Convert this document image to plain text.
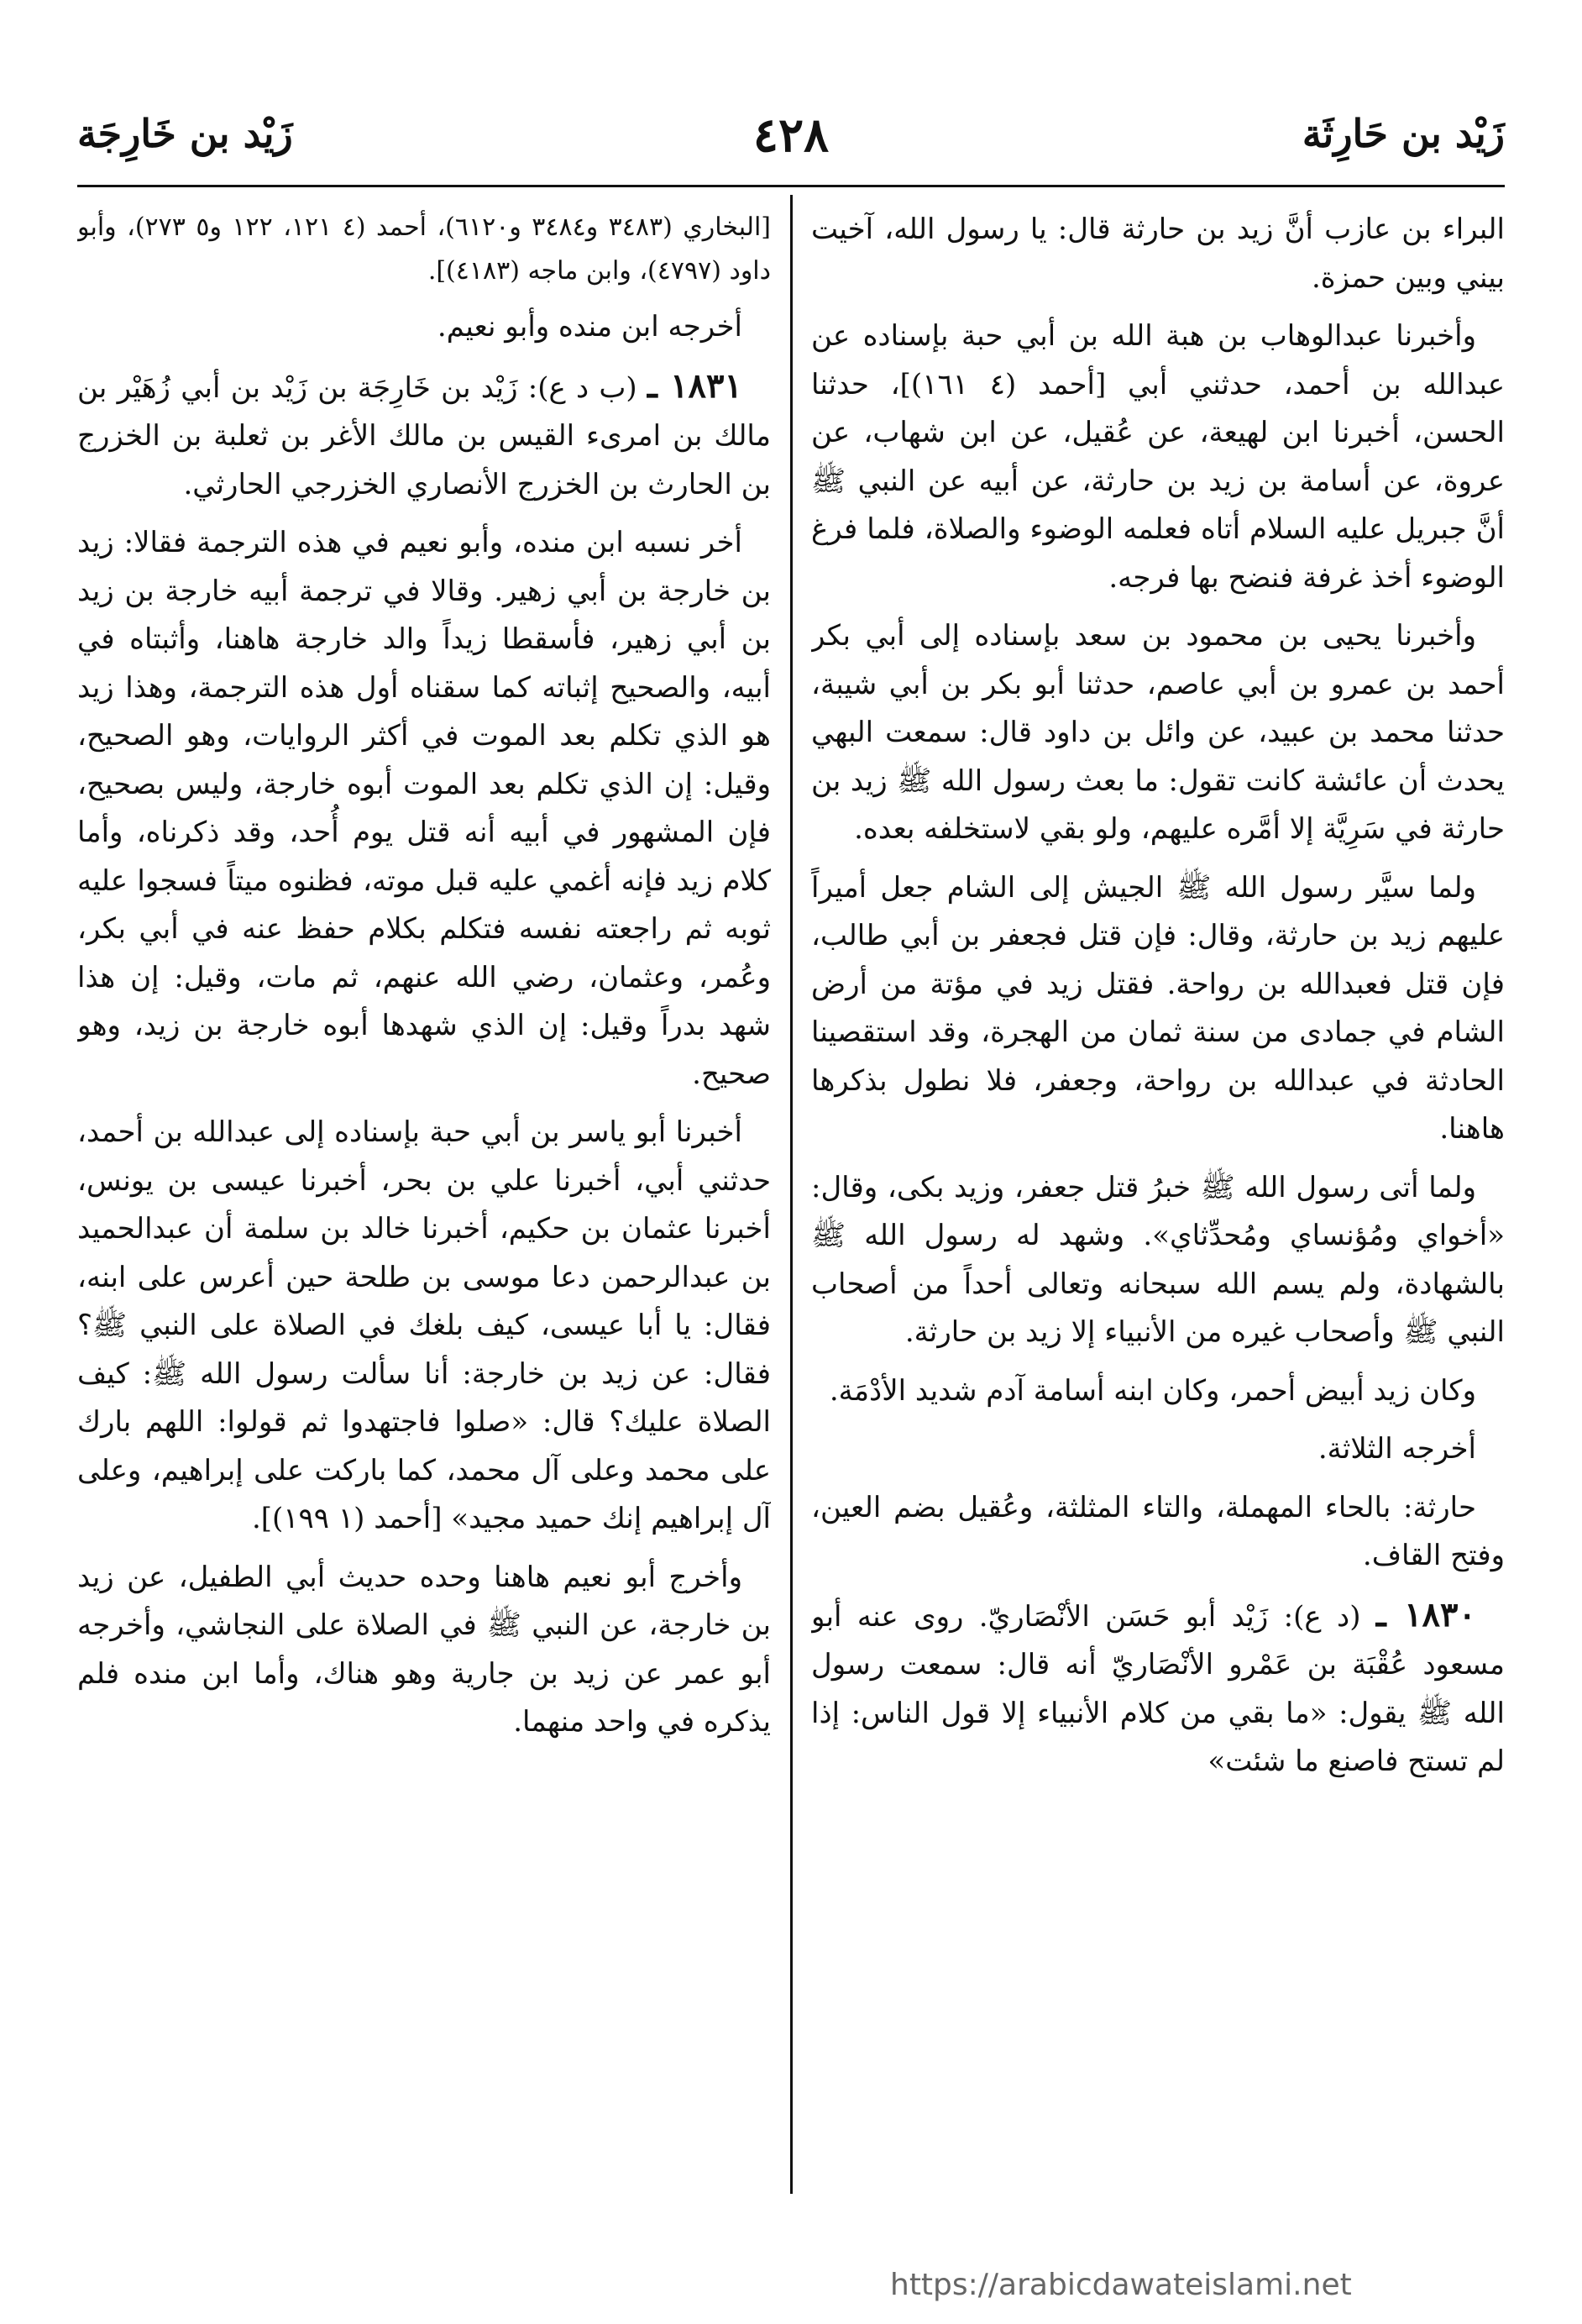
زَيْد بن حَارِثَة
٤٢٨
زَيْد بن خَارِجَة

البراء بن عازب أنَّ زيد بن حارثة قال: يا رسول الله، آخيت بيني وبين حمزة.

وأخبرنا عبدالوهاب بن هبة الله بن أبي حبة بإسناده عن عبدالله بن أحمد، حدثني أبي [أحمد (٤ ١٦١)]، حدثنا الحسن، أخبرنا ابن لهيعة، عن عُقيل، عن ابن شهاب، عن عروة، عن أسامة بن زيد بن حارثة، عن أبيه عن النبي ﷺ أنَّ جبريل عليه السلام أتاه فعلمه الوضوء والصلاة، فلما فرغ الوضوء أخذ غرفة فنضح بها فرجه.

وأخبرنا يحيى بن محمود بن سعد بإسناده إلى أبي بكر أحمد بن عمرو بن أبي عاصم، حدثنا أبو بكر بن أبي شيبة، حدثنا محمد بن عبيد، عن وائل بن داود قال: سمعت البهي يحدث أن عائشة كانت تقول: ما بعث رسول الله ﷺ زيد بن حارثة في سَرِيَّة إلا أمَّره عليهم، ولو بقي لاستخلفه بعده.

ولما سيَّر رسول الله ﷺ الجيش إلى الشام جعل أميراً عليهم زيد بن حارثة، وقال: فإن قتل فجعفر بن أبي طالب، فإن قتل فعبدالله بن رواحة. فقتل زيد في مؤتة من أرض الشام في جمادى من سنة ثمان من الهجرة، وقد استقصينا الحادثة في عبدالله بن رواحة، وجعفر، فلا نطول بذكرها هاهنا.

ولما أتى رسول الله ﷺ خبرُ قتل جعفر، وزيد بكى، وقال: «أخواي ومُؤنساي ومُحدِّثاي». وشهد له رسول الله ﷺ بالشهادة، ولم يسم الله سبحانه وتعالى أحداً من أصحاب النبي ﷺ وأصحاب غيره من الأنبياء إلا زيد بن حارثة.

وكان زيد أبيض أحمر، وكان ابنه أسامة آدم شديد الأدْمَة.

أخرجه الثلاثة.

حارثة: بالحاء المهملة، والتاء المثلثة، وعُقيل بضم العين، وفتح القاف.

١٨٣٠ ـ (د ع): زَيْد أبو حَسَن الأنْصَاريّ. روى عنه أبو مسعود عُقْبَة بن عَمْرو الأنْصَاريّ أنه قال: سمعت رسول الله ﷺ يقول: «ما بقي من كلام الأنبياء إلا قول الناس: إذا لم تستح فاصنع ما شئت»

[البخاري (٣٤٨٣ و٣٤٨٤ و٦١٢٠)، أحمد (٤ ١٢١، ١٢٢ و٥ ٢٧٣)، وأبو داود (٤٧٩٧)، وابن ماجه (٤١٨٣)].

أخرجه ابن منده وأبو نعيم.

١٨٣١ ـ (ب د ع): زَيْد بن خَارِجَة بن زَيْد بن أبي زُهَيْر بن مالك بن امرىء القيس بن مالك الأغر بن ثعلبة بن الخزرج بن الحارث بن الخزرج الأنصاري الخزرجي الحارثي.

أخر نسبه ابن منده، وأبو نعيم في هذه الترجمة فقالا: زيد بن خارجة بن أبي زهير. وقالا في ترجمة أبيه خارجة بن زيد بن أبي زهير، فأسقطا زيداً والد خارجة هاهنا، وأثبتاه في أبيه، والصحيح إثباته كما سقناه أول هذه الترجمة، وهذا زيد هو الذي تكلم بعد الموت في أكثر الروايات، وهو الصحيح، وقيل: إن الذي تكلم بعد الموت أبوه خارجة، وليس بصحيح، فإن المشهور في أبيه أنه قتل يوم أُحد، وقد ذكرناه، وأما كلام زيد فإنه أغمي عليه قبل موته، فظنوه ميتاً فسجوا عليه ثوبه ثم راجعته نفسه فتكلم بكلام حفظ عنه في أبي بكر، وعُمر، وعثمان، رضي الله عنهم، ثم مات، وقيل: إن هذا شهد بدراً وقيل: إن الذي شهدها أبوه خارجة بن زيد، وهو صحيح.

أخبرنا أبو ياسر بن أبي حبة بإسناده إلى عبدالله بن أحمد، حدثني أبي، أخبرنا علي بن بحر، أخبرنا عيسى بن يونس، أخبرنا عثمان بن حكيم، أخبرنا خالد بن سلمة أن عبدالحميد بن عبدالرحمن دعا موسى بن طلحة حين أعرس على ابنه، فقال: يا أبا عيسى، كيف بلغك في الصلاة على النبي ﷺ؟ فقال: عن زيد بن خارجة: أنا سألت رسول الله ﷺ: كيف الصلاة عليك؟ قال: «صلوا فاجتهدوا ثم قولوا: اللهم بارك على محمد وعلى آل محمد، كما باركت على إبراهيم، وعلى آل إبراهيم إنك حميد مجيد» [أحمد (١ ١٩٩)].

وأخرج أبو نعيم هاهنا وحده حديث أبي الطفيل، عن زيد بن خارجة، عن النبي ﷺ في الصلاة على النجاشي، وأخرجه أبو عمر عن زيد بن جارية وهو هناك، وأما ابن منده فلم يذكره في واحد منهما.

https://arabicdawateislami.net
